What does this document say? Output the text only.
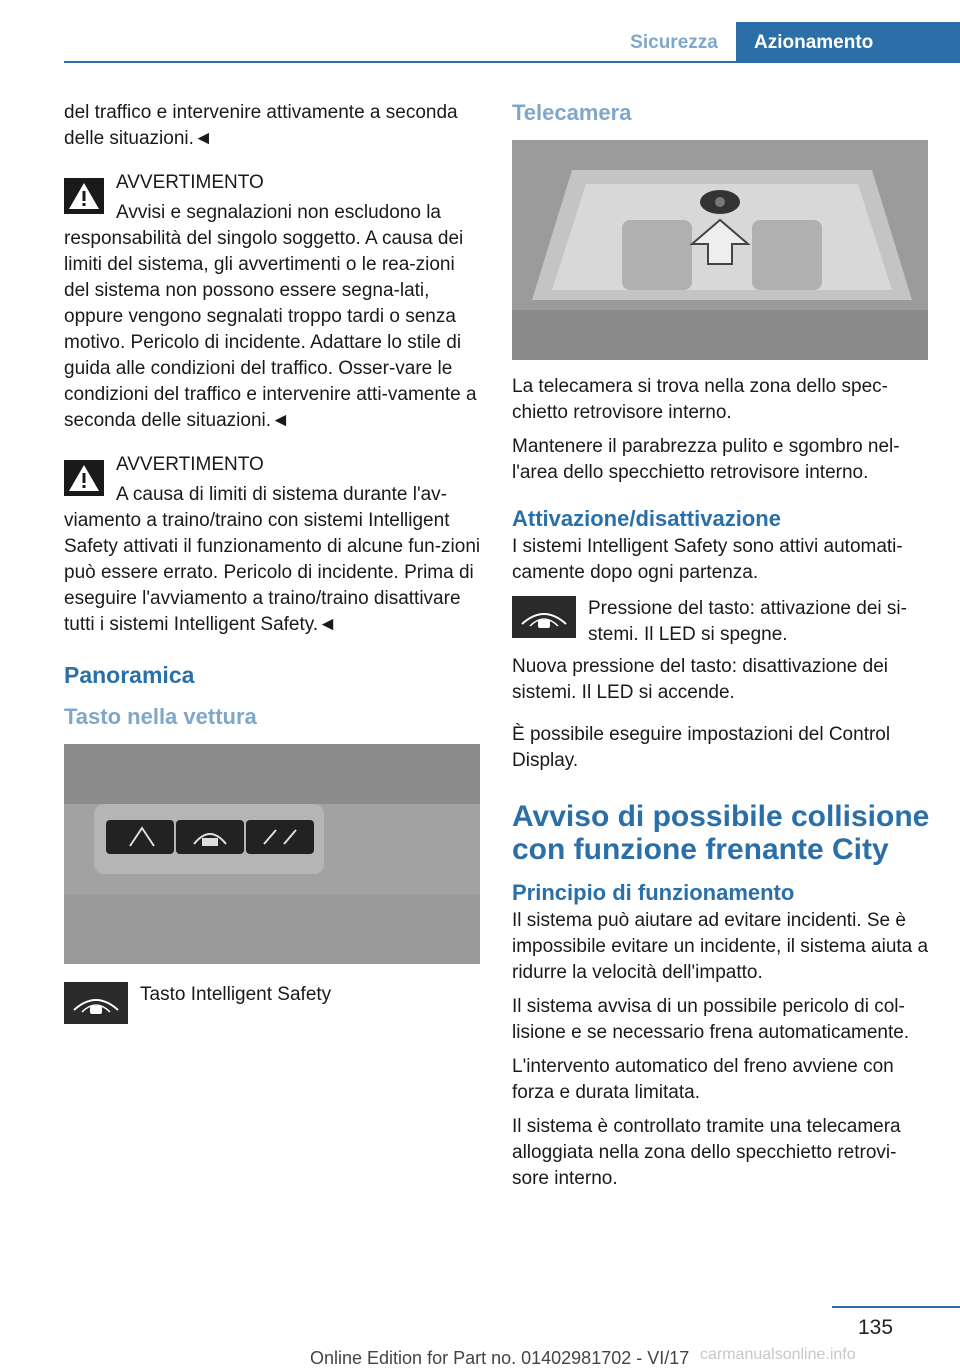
Sicurezza	Azionamento

del traffico e intervenire attivamente a seconda delle situazioni.◄

AVVERTIMENTO
Avvisi e segnalazioni non escludono la
responsabilità del singolo soggetto. A causa dei limiti del sistema, gli avvertimenti o le rea‐zioni del sistema non possono essere segna‐lati, oppure vengono segnalati troppo tardi o senza motivo. Pericolo di incidente. Adattare lo stile di guida alle condizioni del traffico. Osser‐vare le condizioni del traffico e intervenire atti‐vamente a seconda delle situazioni.◄
AVVERTIMENTO
A causa di limiti di sistema durante l'av‐
viamento a traino/traino con sistemi Intelligent Safety attivati il funzionamento di alcune fun‐zioni può essere errato. Pericolo di incidente. Prima di eseguire l'avviamento a traino/traino disattivare tutti i sistemi Intelligent Safety.◄
Panoramica
Tasto nella vettura
Tasto Intelligent Safety
Telecamera

La telecamera si trova nella zona dello spec‐chietto retrovisore interno.

Mantenere il parabrezza pulito e sgombro nel‐l'area dello specchietto retrovisore interno.

Attivazione/disattivazione

I sistemi Intelligent Safety sono attivi automati‐camente dopo ogni partenza.

Pressione del tasto: attivazione dei si‐stemi. Il LED si spegne.

Nuova pressione del tasto: disattivazione dei sistemi. Il LED si accende.

È possibile eseguire impostazioni del Control Display.

Avviso di possibile collisione con funzione frenante City
Principio di funzionamento

Il sistema può aiutare ad evitare incidenti. Se è impossibile evitare un incidente, il sistema aiuta a ridurre la velocità dell'impatto.

Il sistema avvisa di un possibile pericolo di col‐lisione e se necessario frena automaticamente.

L'intervento automatico del freno avviene con forza e durata limitata.

Il sistema è controllato tramite una telecamera alloggiata nella zona dello specchietto retrovi‐sore interno.

135
Online Edition for Part no. 01402981702 - VI/17 carmanualsonline.info
